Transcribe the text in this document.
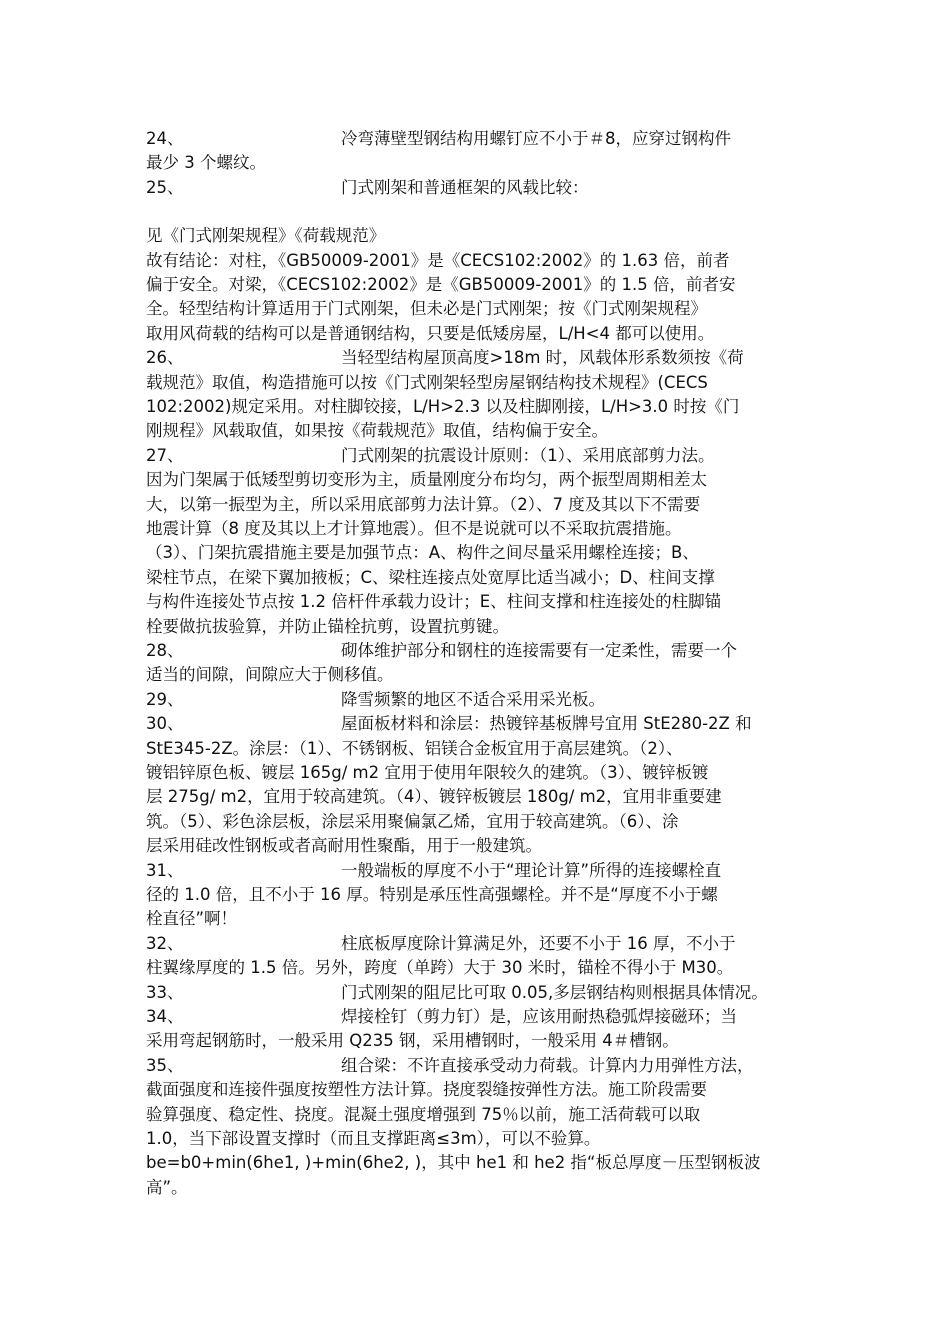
24、	冷弯薄壁型钢结构用螺钉应不小于＃8，应穿过钢构件
最少 3 个螺纹。
25、	门式刚架和普通框架的风载比较：
见《门式刚架规程》《荷载规范》
故有结论：对柱，《GB50009-2001》是《CECS102:2002》的 1.63 倍，前者
偏于安全。对梁，《CECS102:2002》是《GB50009-2001》的 1.5 倍，前者安
全。轻型结构计算适用于门式刚架，但未必是门式刚架；按《门式刚架规程》
取用风荷载的结构可以是普通钢结构，只要是低矮房屋，L/H<4 都可以使用。
26、	当轻型结构屋顶高度>18m 时，风载体形系数须按《荷
载规范》取值，构造措施可以按《门式刚架轻型房屋钢结构技术规程》(CECS
102:2002)规定采用。对柱脚铰接，L/H>2.3 以及柱脚刚接，L/H>3.0 时按《门
刚规程》风载取值，如果按《荷载规范》取值，结构偏于安全。
27、	门式刚架的抗震设计原则：（1）、采用底部剪力法。
因为门架属于低矮型剪切变形为主，质量刚度分布均匀，两个振型周期相差太
大，以第一振型为主，所以采用底部剪力法计算。（2）、7 度及其以下不需要
地震计算（8 度及其以上才计算地震）。但不是说就可以不采取抗震措施。
（3）、门架抗震措施主要是加强节点：A、构件之间尽量采用螺栓连接；B、
梁柱节点，在梁下翼加掖板；C、梁柱连接点处宽厚比适当减小；D、柱间支撑
与构件连接处节点按 1.2 倍杆件承载力设计；E、柱间支撑和柱连接处的柱脚锚
栓要做抗拔验算，并防止锚栓抗剪，设置抗剪键。
28、	砌体维护部分和钢柱的连接需要有一定柔性，需要一个
适当的间隙，间隙应大于侧移值。
29、	降雪频繁的地区不适合采用采光板。
30、	屋面板材料和涂层：热镀锌基板牌号宜用 StE280-2Z 和
StE345-2Z。涂层：（1）、不锈钢板、铝镁合金板宜用于高层建筑。（2）、
镀铝锌原色板、镀层 165g/ m2 宜用于使用年限较久的建筑。（3）、镀锌板镀
层 275g/ m2，宜用于较高建筑。（4）、镀锌板镀层 180g/ m2，宜用非重要建
筑。（5）、彩色涂层板，涂层采用聚偏氯乙烯，宜用于较高建筑。（6）、涂
层采用硅改性钢板或者高耐用性聚酯，用于一般建筑。
31、	一般端板的厚度不小于“理论计算”所得的连接螺栓直
径的 1.0 倍，且不小于 16 厚。特别是承压性高强螺栓。并不是“厚度不小于螺
栓直径”啊！
32、	柱底板厚度除计算满足外，还要不小于 16 厚，不小于
柱翼缘厚度的 1.5 倍。另外，跨度（单跨）大于 30 米时，锚栓不得小于 M30。
33、	门式刚架的阻尼比可取 0.05,多层钢结构则根据具体情况。
34、	焊接栓钉（剪力钉）是，应该用耐热稳弧焊接磁环；当
采用弯起钢筋时，一般采用 Q235 钢，采用槽钢时，一般采用 4＃槽钢。
35、	组合梁：不许直接承受动力荷载。计算内力用弹性方法，
截面强度和连接件强度按塑性方法计算。挠度裂缝按弹性方法。施工阶段需要
验算强度、稳定性、挠度。混凝土强度增强到 75％以前，施工活荷载可以取
1.0，当下部设置支撑时（而且支撑距离≤3m），可以不验算。
be=b0+min(6he1, )+min(6he2, )，其中 he1 和 he2 指“板总厚度－压型钢板波
高”。
